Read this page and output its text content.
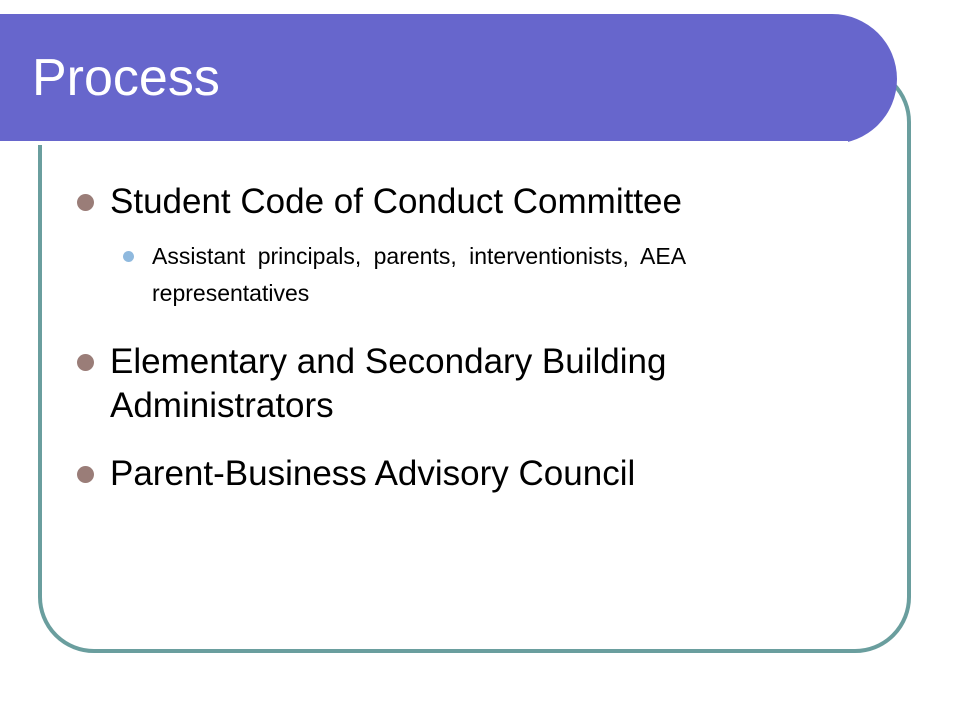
Process
Student Code of Conduct Committee
Assistant principals, parents, interventionists, AEA representatives
Elementary and Secondary Building Administrators
Parent-Business Advisory Council
